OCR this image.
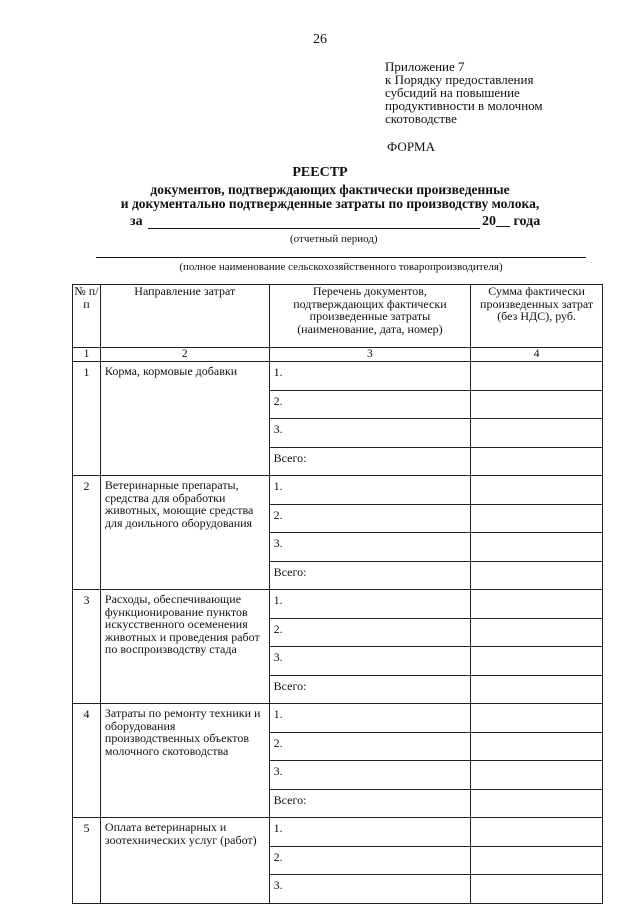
26
Приложение 7
к Порядку предоставления
субсидий на повышение
продуктивности в молочном
скотоводстве
ФОРМА
РЕЕСТР
документов, подтверждающих фактически произведенные
и документально подтвержденные затраты по производству молока,
за	20__ года
(отчетный период)
(полное наименование сельскохозяйственного товаропроизводителя)
№ п/п	Направление затрат	Перечень документов, подтверждающих фактически произведенные затраты (наименование, дата, номер)	Сумма фактически произведенных затрат (без НДС), руб.
1	2	3	4
1	Корма, кормовые добавки	1.	
		2.	
		3.	
		Всего:	
2	Ветеринарные препараты, средства для обработки животных, моющие средства для доильного оборудования	1.	
		2.	
		3.	
		Всего:	
3	Расходы, обеспечивающие функционирование пунктов искусственного осеменения животных и проведения работ по воспроизводству стада	1.	
		2.	
		3.	
		Всего:	
4	Затраты по ремонту техники и оборудования производственных объектов молочного скотоводства	1.	
		2.	
		3.	
		Всего:	
5	Оплата ветеринарных и зоотехнических услуг (работ)	1.	
		2.	
		3.	
